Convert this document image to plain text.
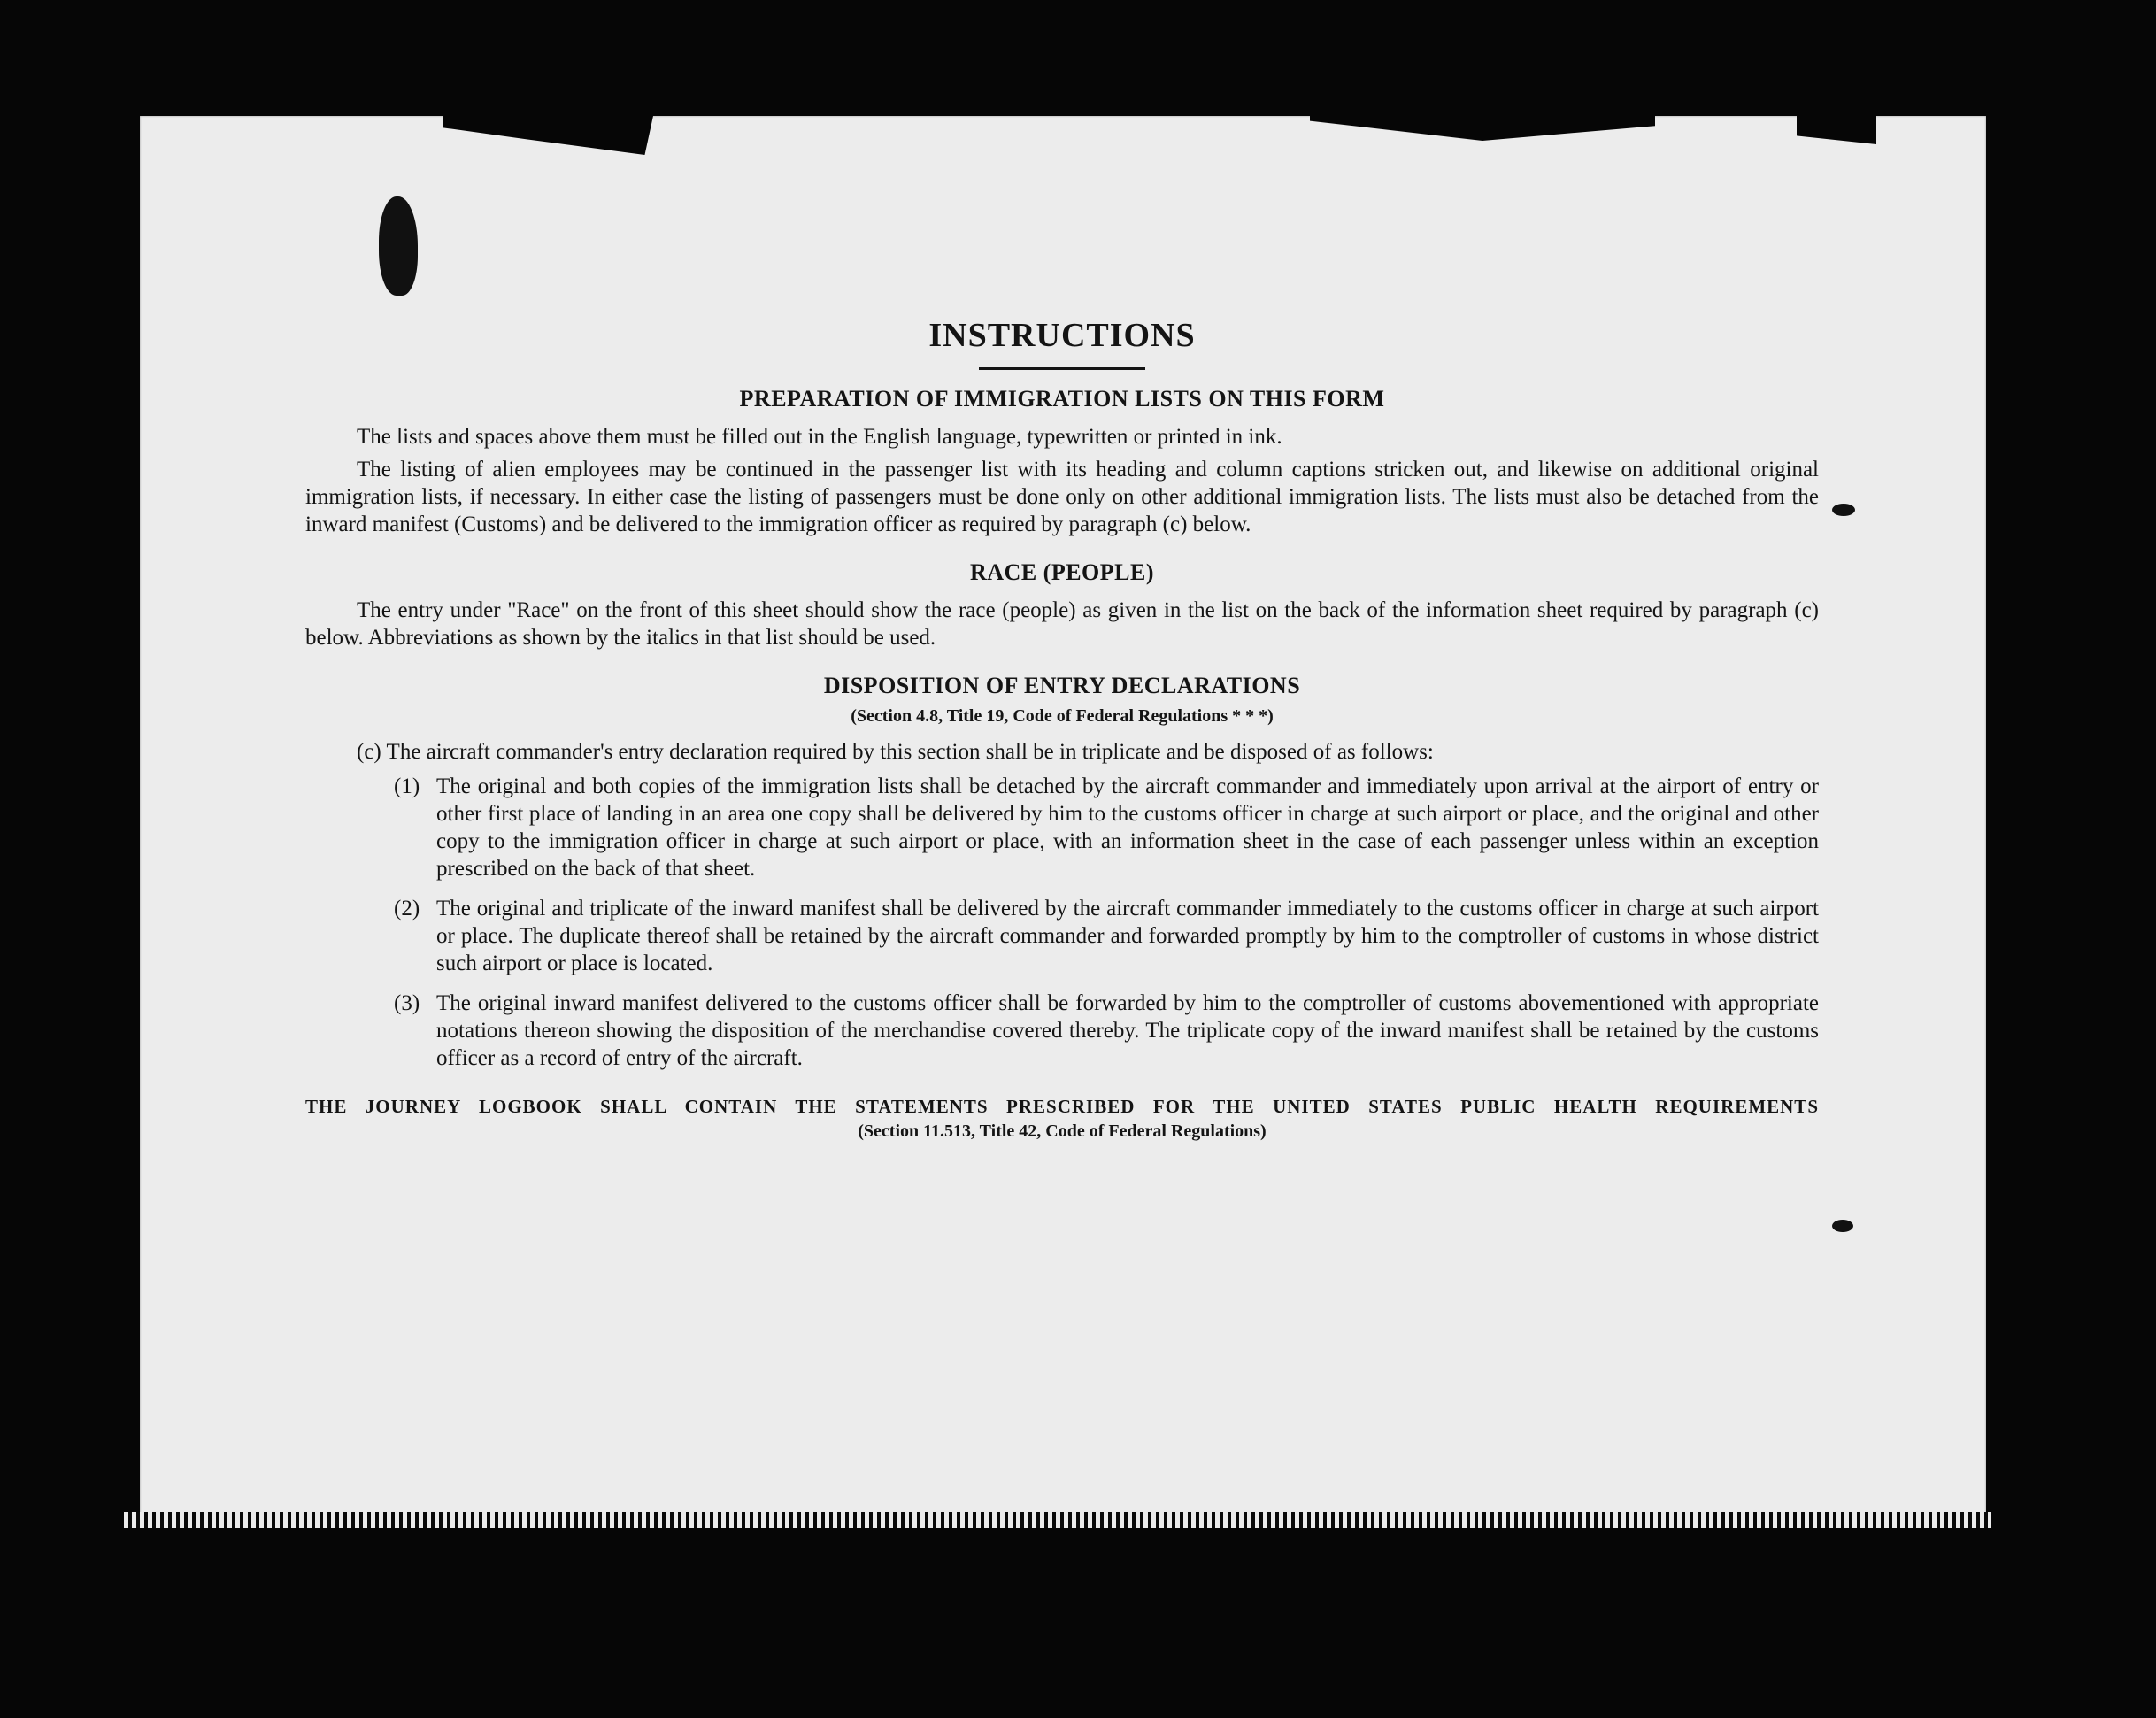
INSTRUCTIONS
PREPARATION OF IMMIGRATION LISTS ON THIS FORM

The lists and spaces above them must be filled out in the English language, typewritten or printed in ink.

The listing of alien employees may be continued in the passenger list with its heading and column captions stricken out, and likewise on additional original immigration lists, if necessary. In either case the listing of passengers must be done only on other additional immigration lists. The lists must also be detached from the inward manifest (Customs) and be delivered to the immigration officer as required by paragraph (c) below.

RACE (PEOPLE)

The entry under "Race" on the front of this sheet should show the race (people) as given in the list on the back of the information sheet required by paragraph (c) below. Abbreviations as shown by the italics in that list should be used.

DISPOSITION OF ENTRY DECLARATIONS
(Section 4.8, Title 19, Code of Federal Regulations * * *)
(c) The aircraft commander's entry declaration required by this section shall be in triplicate and be disposed of as follows:
(1) The original and both copies of the immigration lists shall be detached by the aircraft commander and immediately upon arrival at the airport of entry or other first place of landing in an area one copy shall be delivered by him to the customs officer in charge at such airport or place, and the original and other copy to the immigration officer in charge at such airport or place, with an information sheet in the case of each passenger unless within an exception prescribed on the back of that sheet.
(2) The original and triplicate of the inward manifest shall be delivered by the aircraft commander immediately to the customs officer in charge at such airport or place. The duplicate thereof shall be retained by the aircraft commander and forwarded promptly by him to the comptroller of customs in whose district such airport or place is located.
(3) The original inward manifest delivered to the customs officer shall be forwarded by him to the comptroller of customs abovementioned with appropriate notations thereon showing the disposition of the merchandise covered thereby. The triplicate copy of the inward manifest shall be retained by the customs officer as a record of entry of the aircraft.
THE JOURNEY LOGBOOK SHALL CONTAIN THE STATEMENTS PRESCRIBED FOR THE UNITED STATES PUBLIC HEALTH REQUIREMENTS
(Section 11.513, Title 42, Code of Federal Regulations)
